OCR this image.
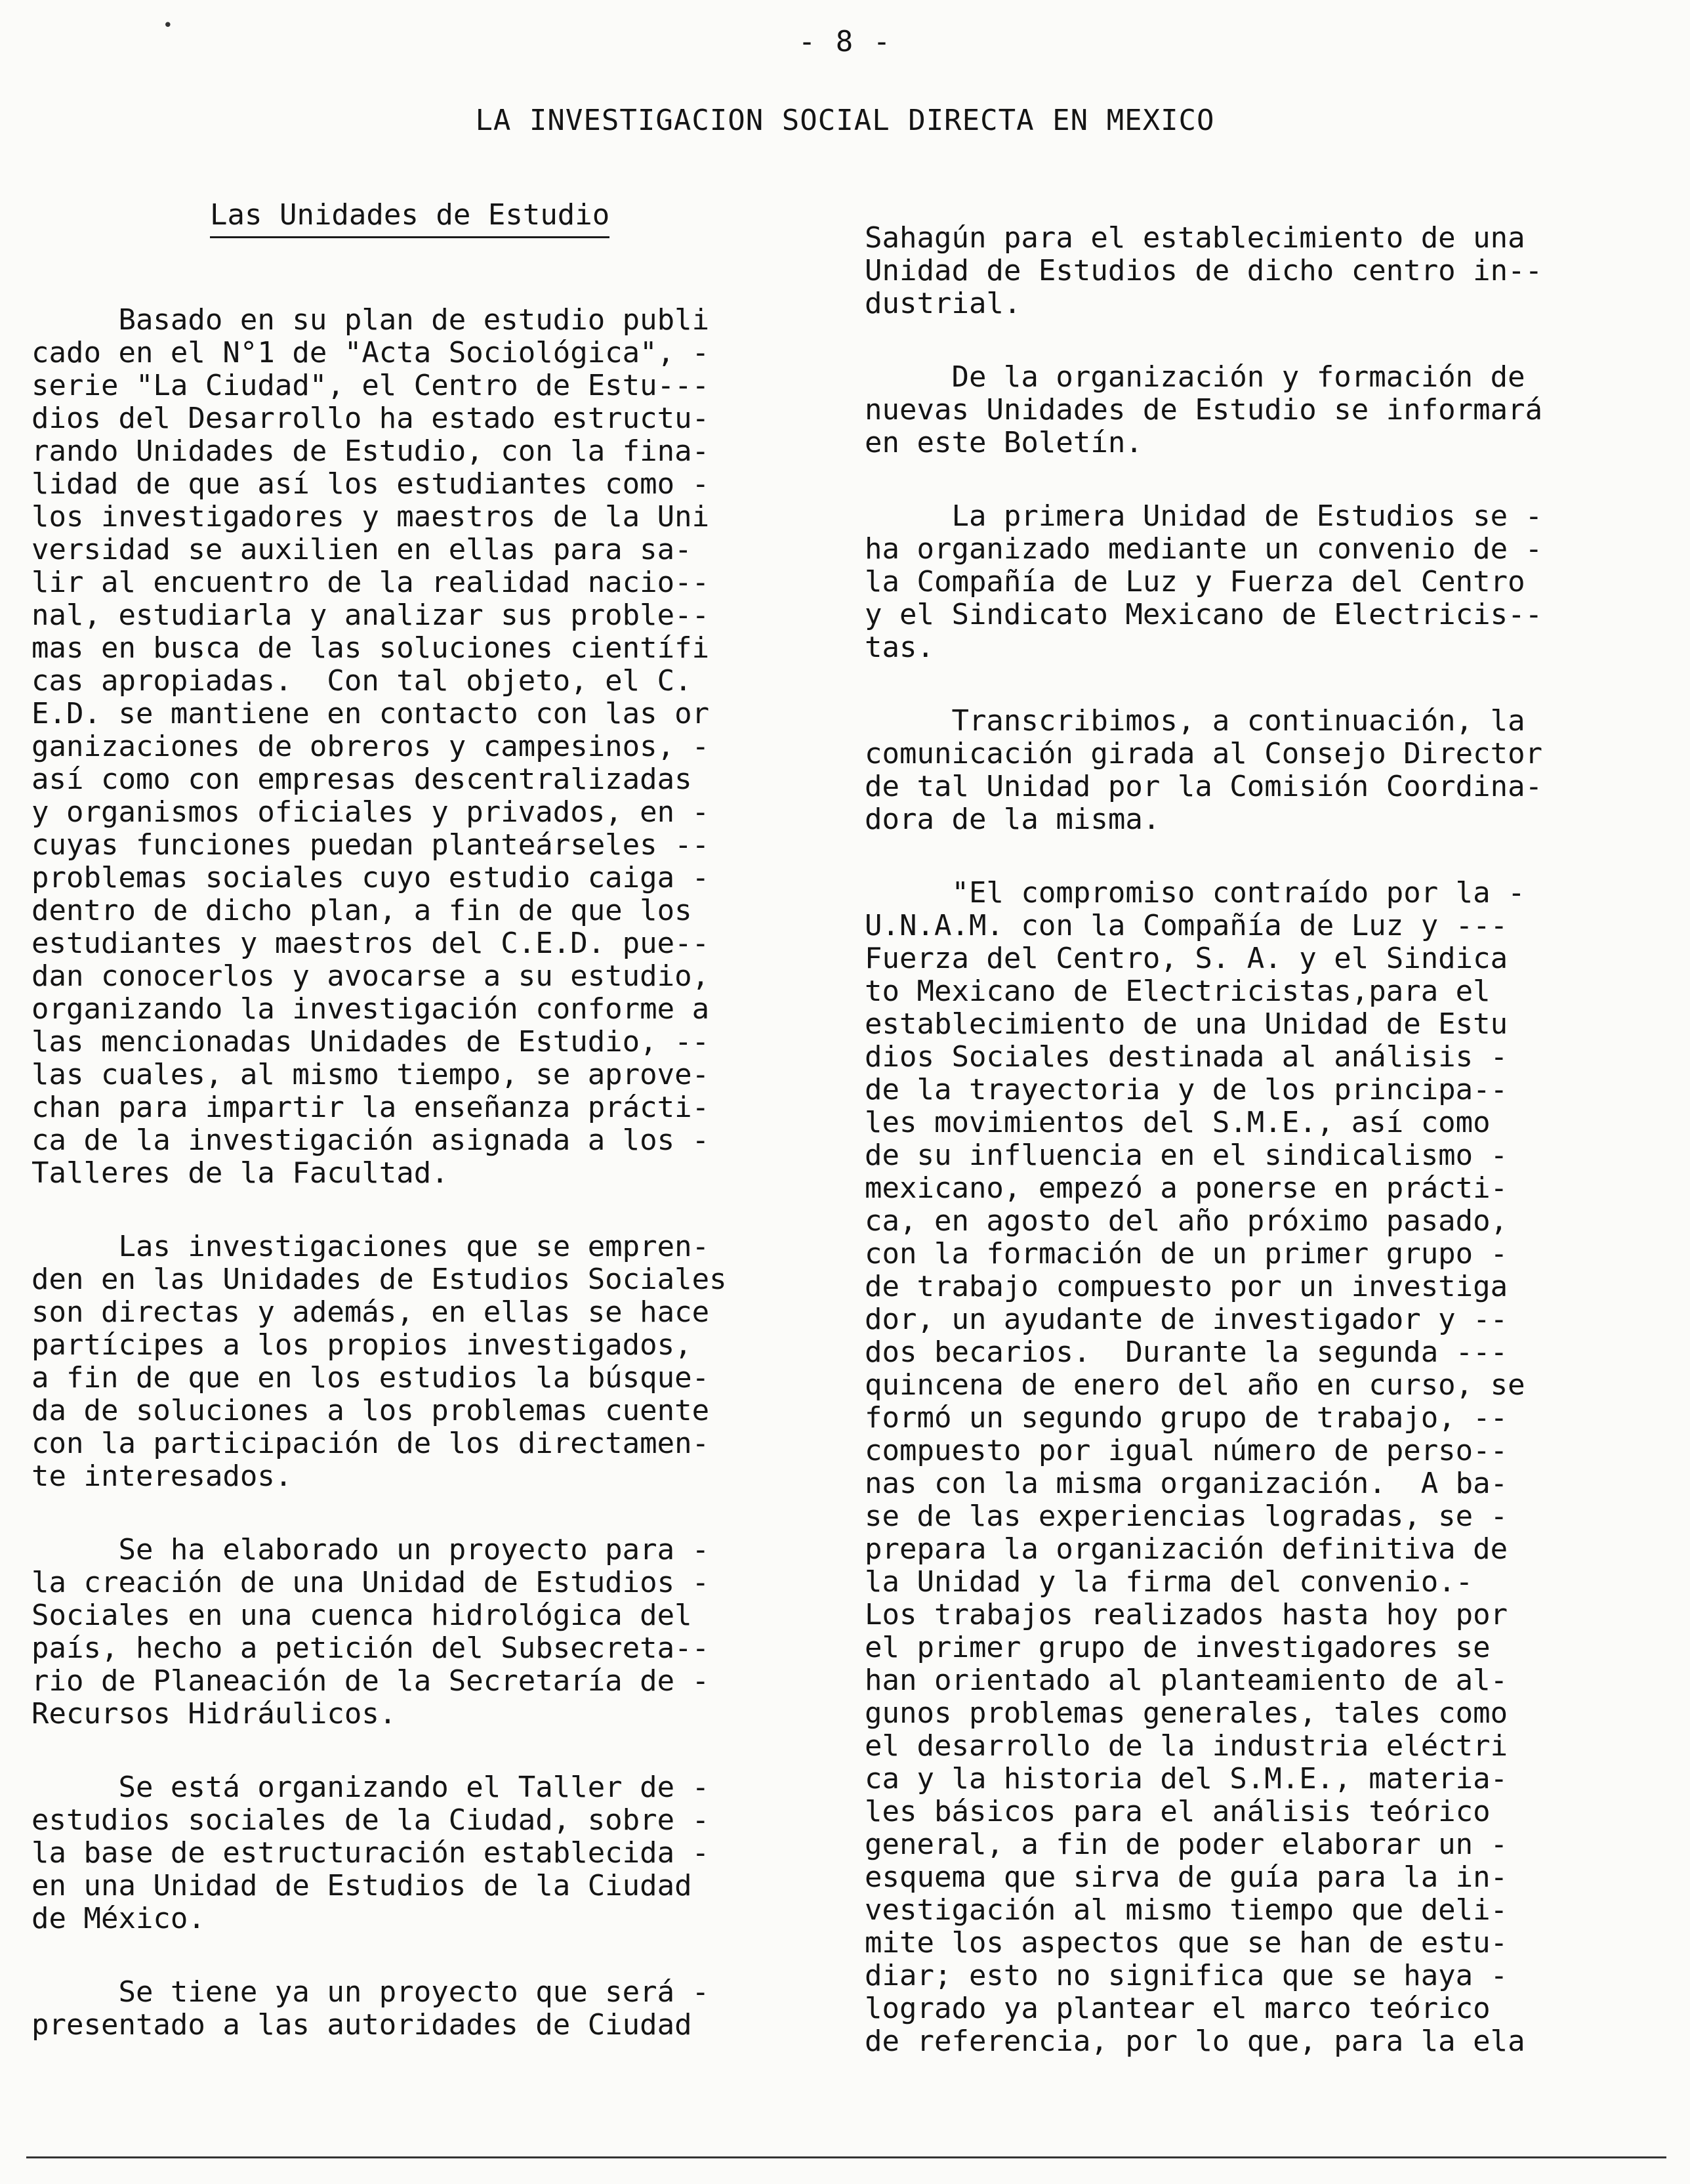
•	- 8 -
LA INVESTIGACION SOCIAL DIRECTA EN MEXICO
Las Unidades de Estudio
Basado en su plan de estudio publi
cado en el N°1 de "Acta Sociológica", -
serie "La Ciudad", el Centro de Estu---
dios del Desarrollo ha estado estructu-
rando Unidades de Estudio, con la fina-
lidad de que así los estudiantes como -
los investigadores y maestros de la Uni
versidad se auxilien en ellas para sa-
lir al encuentro de la realidad nacio--
nal, estudiarla y analizar sus proble--
mas en busca de las soluciones científi
cas apropiadas.  Con tal objeto, el C.
E.D. se mantiene en contacto con las or
ganizaciones de obreros y campesinos, -
así como con empresas descentralizadas
y organismos oficiales y privados, en -
cuyas funciones puedan planteárseles --
problemas sociales cuyo estudio caiga -
dentro de dicho plan, a fin de que los
estudiantes y maestros del C.E.D. pue--
dan conocerlos y avocarse a su estudio,
organizando la investigación conforme a
las mencionadas Unidades de Estudio, --
las cuales, al mismo tiempo, se aprove-
chan para impartir la enseñanza prácti-
ca de la investigación asignada a los -
Talleres de la Facultad.
Las investigaciones que se empren-
den en las Unidades de Estudios Sociales
son directas y además, en ellas se hace
partícipes a los propios investigados,
a fin de que en los estudios la búsque-
da de soluciones a los problemas cuente
con la participación de los directamen-
te interesados.
Se ha elaborado un proyecto para -
la creación de una Unidad de Estudios -
Sociales en una cuenca hidrológica del
país, hecho a petición del Subsecreta--
rio de Planeación de la Secretaría de -
Recursos Hidráulicos.
Se está organizando el Taller de -
estudios sociales de la Ciudad, sobre -
la base de estructuración establecida -
en una Unidad de Estudios de la Ciudad
de México.
Se tiene ya un proyecto que será -
presentado a las autoridades de Ciudad
Sahagún para el establecimiento de una
Unidad de Estudios de dicho centro in--
dustrial.
De la organización y formación de
nuevas Unidades de Estudio se informará
en este Boletín.
La primera Unidad de Estudios se -
ha organizado mediante un convenio de -
la Compañía de Luz y Fuerza del Centro
y el Sindicato Mexicano de Electricis--
tas.
Transcribimos, a continuación, la
comunicación girada al Consejo Director
de tal Unidad por la Comisión Coordina-
dora de la misma.
"El compromiso contraído por la -
U.N.A.M. con la Compañía de Luz y ---
Fuerza del Centro, S. A. y el Sindica
to Mexicano de Electricistas,para el
establecimiento de una Unidad de Estu
dios Sociales destinada al análisis -
de la trayectoria y de los principa--
les movimientos del S.M.E., así como
de su influencia en el sindicalismo -
mexicano, empezó a ponerse en prácti-
ca, en agosto del año próximo pasado,
con la formación de un primer grupo -
de trabajo compuesto por un investiga
dor, un ayudante de investigador y --
dos becarios.  Durante la segunda ---
quincena de enero del año en curso, se
formó un segundo grupo de trabajo, --
compuesto por igual número de perso--
nas con la misma organización.  A ba-
se de las experiencias logradas, se -
prepara la organización definitiva de
la Unidad y la firma del convenio.-
Los trabajos realizados hasta hoy por
el primer grupo de investigadores se
han orientado al planteamiento de al-
gunos problemas generales, tales como
el desarrollo de la industria eléctri
ca y la historia del S.M.E., materia-
les básicos para el análisis teórico
general, a fin de poder elaborar un -
esquema que sirva de guía para la in-
vestigación al mismo tiempo que deli-
mite los aspectos que se han de estu-
diar; esto no significa que se haya -
logrado ya plantear el marco teórico
de referencia, por lo que, para la ela
